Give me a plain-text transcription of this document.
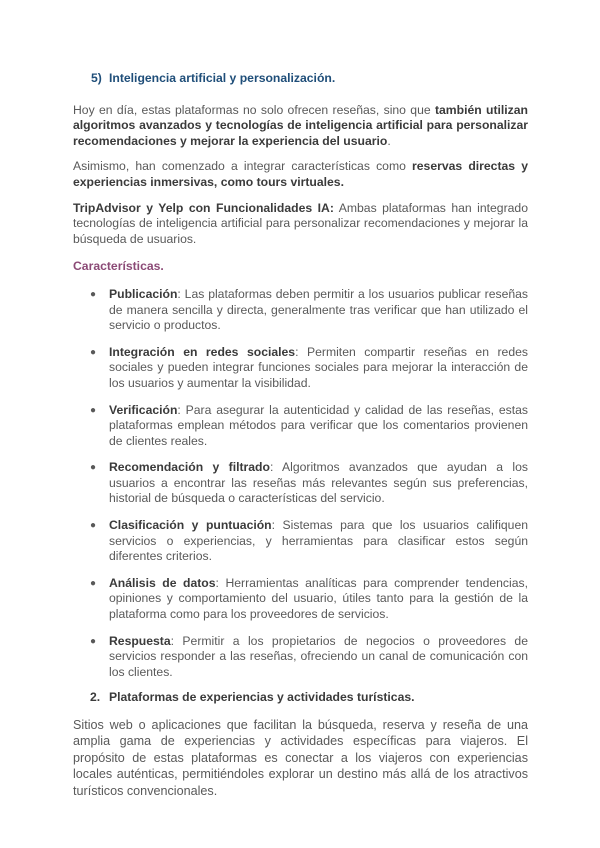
5) Inteligencia artificial y personalización.

Hoy en día, estas plataformas no solo ofrecen reseñas, sino que también utilizan algoritmos avanzados y tecnologías de inteligencia artificial para personalizar recomendaciones y mejorar la experiencia del usuario.

Asimismo, han comenzado a integrar características como reservas directas y experiencias inmersivas, como tours virtuales.

TripAdvisor y Yelp con Funcionalidades IA: Ambas plataformas han integrado tecnologías de inteligencia artificial para personalizar recomendaciones y mejorar la búsqueda de usuarios.

Características.

● Publicación: Las plataformas deben permitir a los usuarios publicar reseñas de manera sencilla y directa, generalmente tras verificar que han utilizado el servicio o productos.
● Integración en redes sociales: Permiten compartir reseñas en redes sociales y pueden integrar funciones sociales para mejorar la interacción de los usuarios y aumentar la visibilidad.
● Verificación: Para asegurar la autenticidad y calidad de las reseñas, estas plataformas emplean métodos para verificar que los comentarios provienen de clientes reales.
● Recomendación y filtrado: Algoritmos avanzados que ayudan a los usuarios a encontrar las reseñas más relevantes según sus preferencias, historial de búsqueda o características del servicio.
● Clasificación y puntuación: Sistemas para que los usuarios califiquen servicios o experiencias, y herramientas para clasificar estos según diferentes criterios.
● Análisis de datos: Herramientas analíticas para comprender tendencias, opiniones y comportamiento del usuario, útiles tanto para la gestión de la plataforma como para los proveedores de servicios.
● Respuesta: Permitir a los propietarios de negocios o proveedores de servicios responder a las reseñas, ofreciendo un canal de comunicación con los clientes.

2. Plataformas de experiencias y actividades turísticas.

Sitios web o aplicaciones que facilitan la búsqueda, reserva y reseña de una amplia gama de experiencias y actividades específicas para viajeros. El propósito de estas plataformas es conectar a los viajeros con experiencias locales auténticas, permitiéndoles explorar un destino más allá de los atractivos turísticos convencionales.
